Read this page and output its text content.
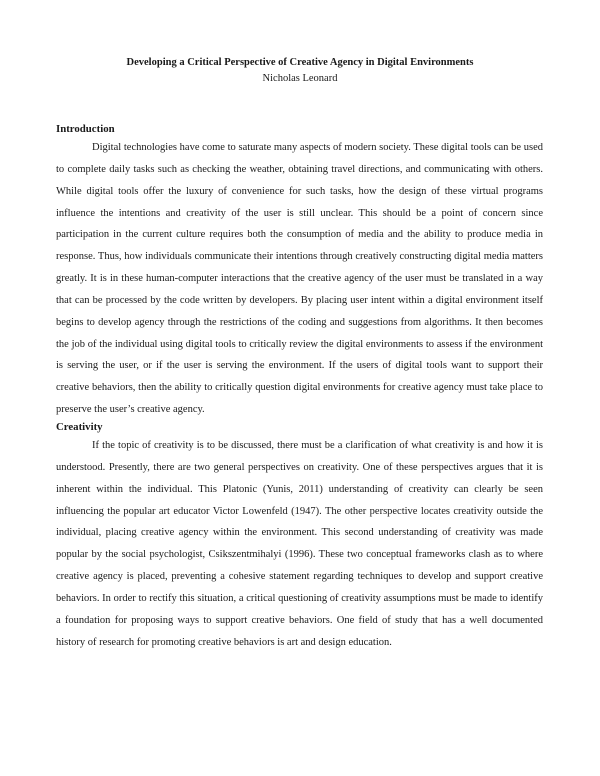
Developing a Critical Perspective of Creative Agency in Digital Environments

Nicholas Leonard

Introduction

Digital technologies have come to saturate many aspects of modern society. These digital tools can be used to complete daily tasks such as checking the weather, obtaining travel directions, and communicating with others. While digital tools offer the luxury of convenience for such tasks, how the design of these virtual programs influence the intentions and creativity of the user is still unclear. This should be a point of concern since participation in the current culture requires both the consumption of media and the ability to produce media in response. Thus, how individuals communicate their intentions through creatively constructing digital media matters greatly. It is in these human-computer interactions that the creative agency of the user must be translated in a way that can be processed by the code written by developers. By placing user intent within a digital environment itself begins to develop agency through the restrictions of the coding and suggestions from algorithms. It then becomes the job of the individual using digital tools to critically review the digital environments to assess if the environment is serving the user, or if the user is serving the environment. If the users of digital tools want to support their creative behaviors, then the ability to critically question digital environments for creative agency must take place to preserve the user’s creative agency.

Creativity

If the topic of creativity is to be discussed, there must be a clarification of what creativity is and how it is understood. Presently, there are two general perspectives on creativity. One of these perspectives argues that it is inherent within the individual. This Platonic (Yunis, 2011) understanding of creativity can clearly be seen influencing the popular art educator Victor Lowenfeld (1947). The other perspective locates creativity outside the individual, placing creative agency within the environment. This second understanding of creativity was made popular by the social psychologist, Csikszentmihalyi (1996). These two conceptual frameworks clash as to where creative agency is placed, preventing a cohesive statement regarding techniques to develop and support creative behaviors. In order to rectify this situation, a critical questioning of creativity assumptions must be made to identify a foundation for proposing ways to support creative behaviors. One field of study that has a well documented history of research for promoting creative behaviors is art and design education.
